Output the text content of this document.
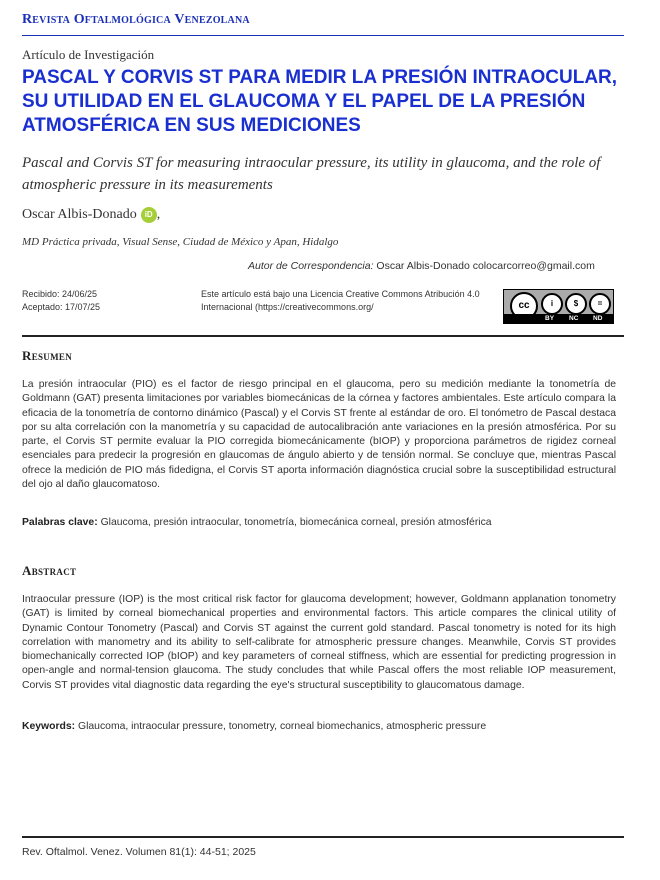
Revista Oftalmológica Venezolana
Artículo de Investigación
PASCAL Y CORVIS ST PARA MEDIR LA PRESIÓN INTRAOCULAR, SU UTILIDAD EN EL GLAUCOMA Y EL PAPEL DE LA PRESIÓN ATMOSFÉRICA EN SUS MEDICIONES
Pascal and Corvis ST for measuring intraocular pressure, its utility in glaucoma, and the role of atmospheric pressure in its measurements
Oscar Albis-Donado	iD ,
MD Práctica privada, Visual Sense, Ciudad de México y Apan, Hidalgo
Autor de Correspondencia: Oscar Albis-Donado colocarcorreo@gmail.com
Recibido: 24/06/25
Aceptado: 17/07/25
Este artículo está bajo una Licencia Creative Commons Atribución 4.0 Internacional (https://creativecommons.org/	cc	i	$	=
BY NC ND
Resumen
La presión intraocular (PIO) es el factor de riesgo principal en el glaucoma, pero su medición mediante la tonometría de Goldmann (GAT) presenta limitaciones por variables biomecánicas de la córnea y factores ambientales. Este artículo compara la eficacia de la tonometría de contorno dinámico (Pascal) y el Corvis ST frente al estándar de oro. El tonómetro de Pascal destaca por su alta correlación con la manometría y su capacidad de autocalibración ante variaciones en la presión atmosférica. Por su parte, el Corvis ST permite evaluar la PIO corregida biomecánicamente (bIOP) y proporciona parámetros de rigidez corneal esenciales para predecir la progresión en glaucomas de ángulo abierto y de tensión normal. Se concluye que, mientras Pascal ofrece la medición de PIO más fidedigna, el Corvis ST aporta información diagnóstica crucial sobre la susceptibilidad estructural del ojo al daño glaucomatoso.
Palabras clave: Glaucoma, presión intraocular, tonometría, biomecánica corneal, presión atmosférica
Abstract
Intraocular pressure (IOP) is the most critical risk factor for glaucoma development; however, Goldmann applanation tonometry (GAT) is limited by corneal biomechanical properties and environmental factors. This article compares the clinical utility of Dynamic Contour Tonometry (Pascal) and Corvis ST against the current gold standard. Pascal tonometry is noted for its high correlation with manometry and its ability to self-calibrate for atmospheric pressure changes. Meanwhile, Corvis ST provides biomechanically corrected IOP (bIOP) and key parameters of corneal stiffness, which are essential for predicting progression in open-angle and normal-tension glaucoma. The study concludes that while Pascal offers the most reliable IOP measurement, Corvis ST provides vital diagnostic data regarding the eye's structural susceptibility to glaucomatous damage.
Keywords: Glaucoma, intraocular pressure, tonometry, corneal biomechanics, atmospheric pressure
Rev. Oftalmol. Venez. Volumen 81(1): 44-51; 2025
